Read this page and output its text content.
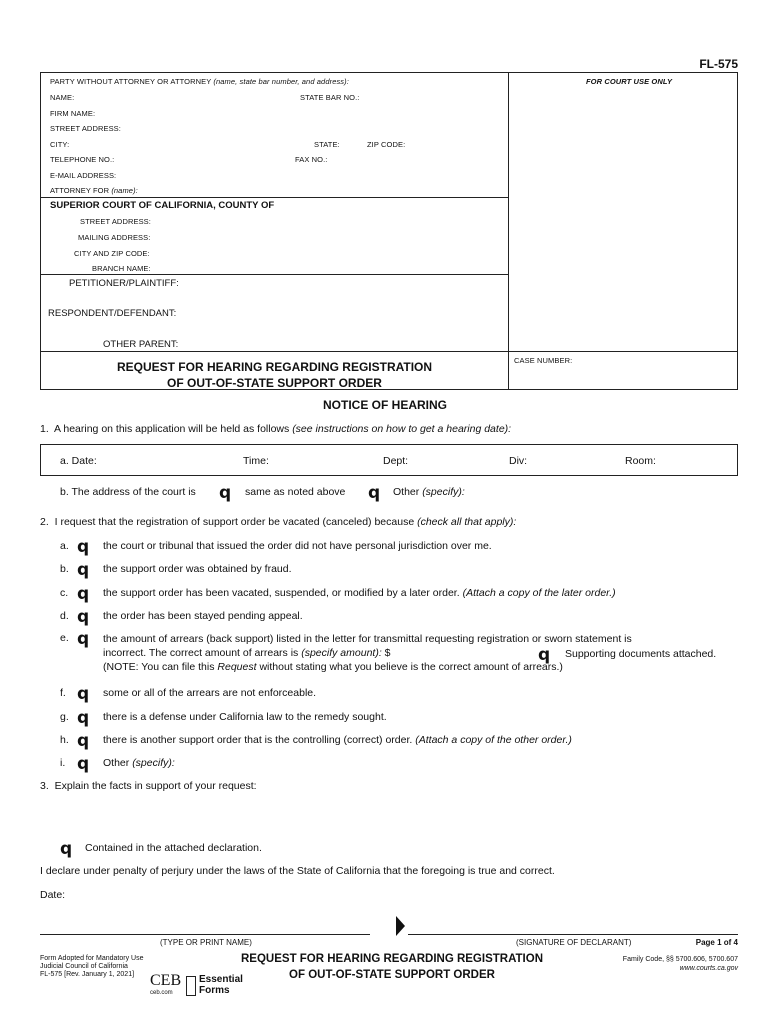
FL-575
PARTY WITHOUT ATTORNEY OR ATTORNEY (name, state bar number, and address):	FOR COURT USE ONLY
NAME:	STATE BAR NO.:
FIRM NAME:
STREET ADDRESS:
CITY:	STATE:	ZIP CODE:
TELEPHONE NO.:	FAX NO.:
E-MAIL ADDRESS:
ATTORNEY FOR (name):
SUPERIOR COURT OF CALIFORNIA, COUNTY OF
STREET ADDRESS:
MAILING ADDRESS:
CITY AND ZIP CODE:
BRANCH NAME:
PETITIONER/PLAINTIFF:
RESPONDENT/DEFENDANT:
OTHER PARENT:
REQUEST FOR HEARING REGARDING REGISTRATION
OF OUT-OF-STATE SUPPORT ORDER
CASE NUMBER:
NOTICE OF HEARING
1. A hearing on this application will be held as follows (see instructions on how to get a hearing date):
a. Date:	Time:	Dept:	Div:	Room:
b. The address of the court is q	same as noted above q	Other (specify):
2. I request that the registration of support order be vacated (canceled) because (check all that apply):
a. q	the court or tribunal that issued the order did not have personal jurisdiction over me.
b. q	the support order was obtained by fraud.
c. q	the support order has been vacated, suspended, or modified by a later order. (Attach a copy of the later order.)
d. q	the order has been stayed pending appeal.
e. q	the amount of arrears (back support) listed in the letter for transmittal requesting registration or sworn statement is
incorrect. The correct amount of arrears is (specify amount): $
(NOTE: You can file this Request without stating what you believe is the correct amount of arrears.)
q
Supporting documents attached.
f. q	some or all of the arrears are not enforceable.
g. q	there is a defense under California law to the remedy sought.
h. q	there is another support order that is the controlling (correct) order. (Attach a copy of the other order.)
i. q	Other (specify):
3. Explain the facts in support of your request:
q
Contained in the attached declaration.
I declare under penalty of perjury under the laws of the State of California that the foregoing is true and correct.
Date:
(TYPE OR PRINT NAME)	(SIGNATURE OF DECLARANT)	Page 1 of 4
Form Adopted for Mandatory Use
Judicial Council of California
FL-575 [Rev. January 1, 2021]
REQUEST FOR HEARING REGARDING REGISTRATION
OF OUT-OF-STATE SUPPORT ORDER
Family Code, §§ 5700.606, 5700.607
www.courts.ca.gov
CEB
ceb.com
Essential
Forms
